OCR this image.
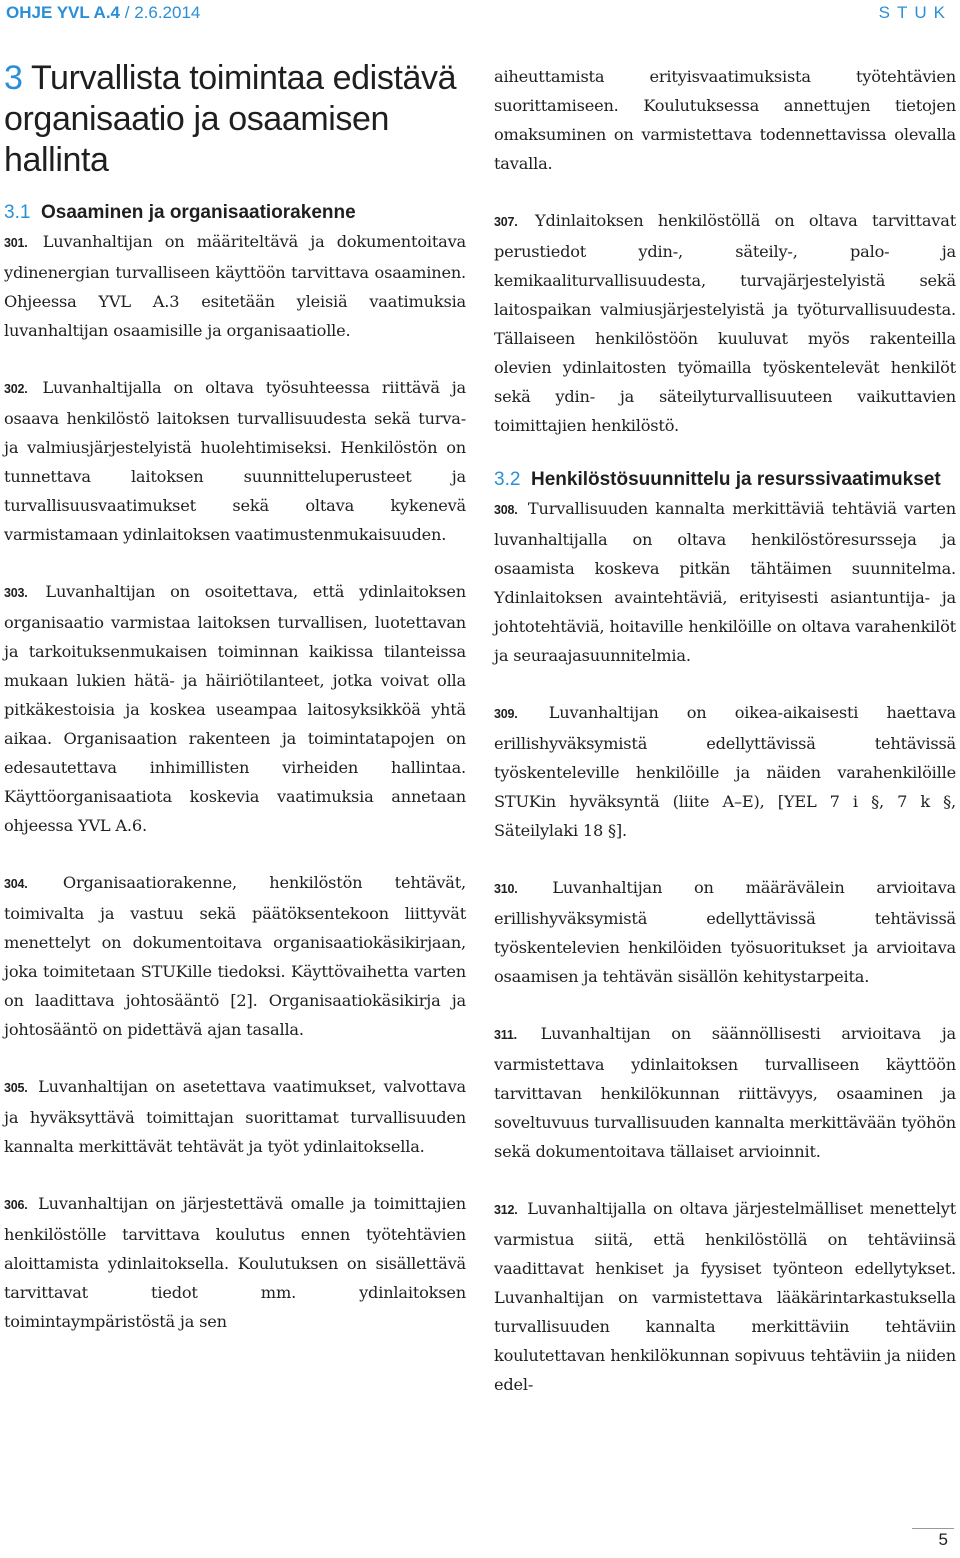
OHJE YVL A.4 / 2.6.2014	STUK
3 Turvallista toimintaa edistävä organisaatio ja osaamisen hallinta
3.1 Osaaminen ja organisaatiorakenne

301. Luvanhaltijan on määriteltävä ja dokumentoitava ydinenergian turvalliseen käyttöön tarvittava osaaminen. Ohjeessa YVL A.3 esitetään yleisiä vaatimuksia luvanhaltijan osaamisille ja organisaatiolle.

302. Luvanhaltijalla on oltava työsuhteessa riittävä ja osaava henkilöstö laitoksen turvallisuudesta sekä turva- ja valmiusjärjestelyistä huolehtimiseksi. Henkilöstön on tunnettava laitoksen suunnitteluperusteet ja turvallisuusvaatimukset sekä oltava kykenevä varmistamaan ydinlaitoksen vaatimustenmukaisuuden.

303. Luvanhaltijan on osoitettava, että ydinlaitoksen organisaatio varmistaa laitoksen turvallisen, luotettavan ja tarkoituksenmukaisen toiminnan kaikissa tilanteissa mukaan lukien hätä- ja häiriötilanteet, jotka voivat olla pitkäkestoisia ja koskea useampaa laitosyksikköä yhtä aikaa. Organisaation rakenteen ja toimintatapojen on edesautettava inhimillisten virheiden hallintaa. Käyttöorganisaatiota koskevia vaatimuksia annetaan ohjeessa YVL A.6.

304. Organisaatiorakenne, henkilöstön tehtävät, toimivalta ja vastuu sekä päätöksentekoon liittyvät menettelyt on dokumentoitava organisaatiokäsikirjaan, joka toimitetaan STUKille tiedoksi. Käyttövaihetta varten on laadittava johtosääntö [2]. Organisaatiokäsikirja ja johtosääntö on pidettävä ajan tasalla.

305. Luvanhaltijan on asetettava vaatimukset, valvottava ja hyväksyttävä toimittajan suorittamat turvallisuuden kannalta merkittävät tehtävät ja työt ydinlaitoksella.

306. Luvanhaltijan on järjestettävä omalle ja toimittajien henkilöstölle tarvittava koulutus ennen työtehtävien aloittamista ydinlaitoksella. Koulutuksen on sisällettävä tarvittavat tiedot mm. ydinlaitoksen toimintaympäristöstä ja sen

aiheuttamista erityisvaatimuksista työtehtävien suorittamiseen. Koulutuksessa annettujen tietojen omaksuminen on varmistettava todennettavissa olevalla tavalla.

307. Ydinlaitoksen henkilöstöllä on oltava tarvittavat perustiedot ydin-, säteily-, palo- ja kemikaaliturvallisuudesta, turvajärjestelyistä sekä laitospaikan valmiusjärjestelyistä ja työturvallisuudesta. Tällaiseen henkilöstöön kuuluvat myös rakenteilla olevien ydinlaitosten työmailla työskentelevät henkilöt sekä ydin- ja säteilyturvallisuuteen vaikuttavien toimittajien henkilöstö.

3.2 Henkilöstösuunnittelu ja resurssivaatimukset

308. Turvallisuuden kannalta merkittäviä tehtäviä varten luvanhaltijalla on oltava henkilöstöresursseja ja osaamista koskeva pitkän tähtäimen suunnitelma. Ydinlaitoksen avaintehtäviä, erityisesti asiantuntija- ja johtotehtäviä, hoitaville henkilöille on oltava varahenkilöt ja seuraajasuunnitelmia.

309. Luvanhaltijan on oikea-aikaisesti haettava erillishyväksymistä edellyttävissä tehtävissä työskenteleville henkilöille ja näiden varahenkilöille STUKin hyväksyntä (liite A–E), [YEL 7 i §, 7 k §, Säteilylaki 18 §].

310. Luvanhaltijan on määrävälein arvioitava erillishyväksymistä edellyttävissä tehtävissä työskentelevien henkilöiden työsuoritukset ja arvioitava osaamisen ja tehtävän sisällön kehitystarpeita.

311. Luvanhaltijan on säännöllisesti arvioitava ja varmistettava ydinlaitoksen turvalliseen käyttöön tarvittavan henkilökunnan riittävyys, osaaminen ja soveltuvuus turvallisuuden kannalta merkittävään työhön sekä dokumentoitava tällaiset arvioinnit.

312. Luvanhaltijalla on oltava järjestelmälliset menettelyt varmistua siitä, että henkilöstöllä on tehtäviinsä vaadittavat henkiset ja fyysiset työnteon edellytykset. Luvanhaltijan on varmistettava lääkärintarkastuksella turvallisuuden kannalta merkittäviin tehtäviin koulutettavan henkilökunnan sopivuus tehtäviin ja niiden edel-

5
